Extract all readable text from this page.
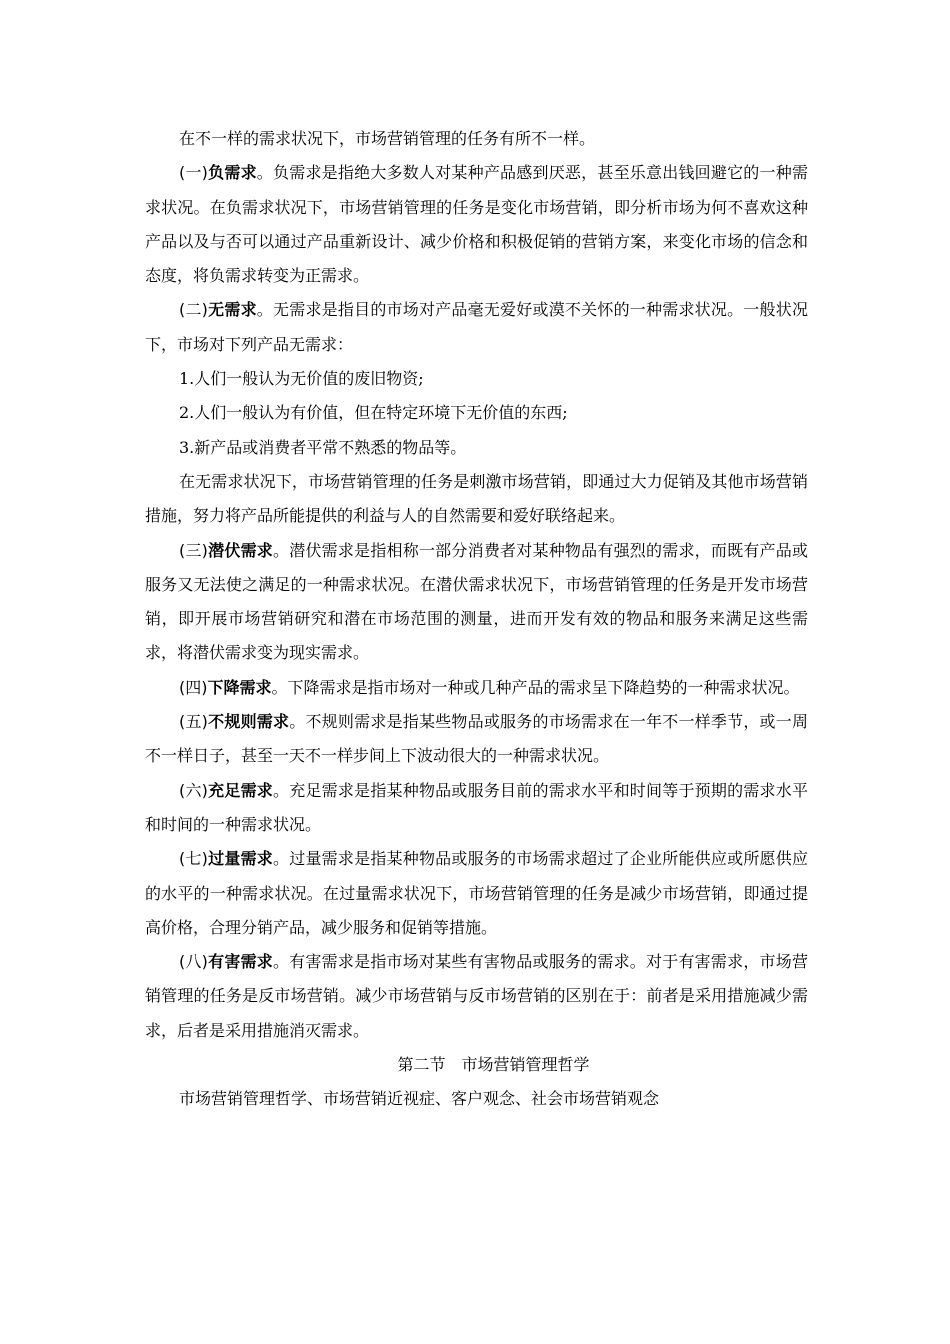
在不一样的需求状况下，市场营销管理的任务有所不一样。

(一)负需求。负需求是指绝大多数人对某种产品感到厌恶，甚至乐意出钱回避它的一种需求状况。在负需求状况下，市场营销管理的任务是变化市场营销，即分析市场为何不喜欢这种产品以及与否可以通过产品重新设计、减少价格和积极促销的营销方案，来变化市场的信念和态度，将负需求转变为正需求。

(二)无需求。无需求是指目的市场对产品毫无爱好或漠不关怀的一种需求状况。一般状况下，市场对下列产品无需求：

1.人们一般认为无价值的废旧物资;

2.人们一般认为有价值，但在特定环境下无价值的东西;

3.新产品或消费者平常不熟悉的物品等。

在无需求状况下，市场营销管理的任务是刺激市场营销，即通过大力促销及其他市场营销措施，努力将产品所能提供的利益与人的自然需要和爱好联络起来。

(三)潜伏需求。潜伏需求是指相称一部分消费者对某种物品有强烈的需求，而既有产品或服务又无法使之满足的一种需求状况。在潜伏需求状况下，市场营销管理的任务是开发市场营销，即开展市场营销研究和潜在市场范围的测量，进而开发有效的物品和服务来满足这些需求，将潜伏需求变为现实需求。

(四)下降需求。下降需求是指市场对一种或几种产品的需求呈下降趋势的一种需求状况。

(五)不规则需求。不规则需求是指某些物品或服务的市场需求在一年不一样季节，或一周不一样日子，甚至一天不一样步间上下波动很大的一种需求状况。

(六)充足需求。充足需求是指某种物品或服务目前的需求水平和时间等于预期的需求水平和时间的一种需求状况。

(七)过量需求。过量需求是指某种物品或服务的市场需求超过了企业所能供应或所愿供应的水平的一种需求状况。在过量需求状况下，市场营销管理的任务是减少市场营销，即通过提高价格，合理分销产品，减少服务和促销等措施。

(八)有害需求。有害需求是指市场对某些有害物品或服务的需求。对于有害需求，市场营销管理的任务是反市场营销。减少市场营销与反市场营销的区别在于：前者是采用措施减少需求，后者是采用措施消灭需求。

第二节 市场营销管理哲学

市场营销管理哲学、市场营销近视症、客户观念、社会市场营销观念
